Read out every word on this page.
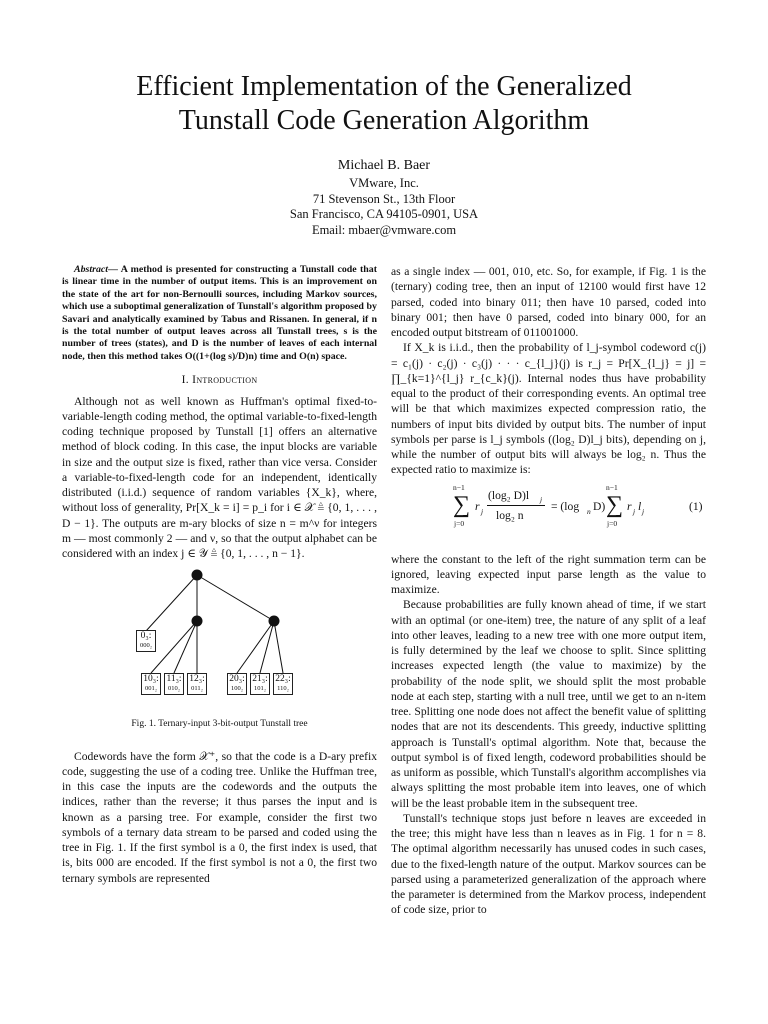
Efficient Implementation of the Generalized
Tunstall Code Generation Algorithm
Michael B. Baer
VMware, Inc.
71 Stevenson St., 13th Floor
San Francisco, CA 94105-0901, USA
Email: mbaer@vmware.com

Abstract— A method is presented for constructing a Tunstall code that is linear time in the number of output items. This is an improvement on the state of the art for non-Bernoulli sources, including Markov sources, which use a suboptimal generalization of Tunstall's algorithm proposed by Savari and analytically examined by Tabus and Rissanen. In general, if n is the total number of output leaves across all Tunstall trees, s is the number of trees (states), and D is the number of leaves of each internal node, then this method takes O((1+(log s)/D)n) time and O(n) space.

I. Introduction

Although not as well known as Huffman's optimal fixed-to-variable-length coding method, the optimal variable-to-fixed-length coding technique proposed by Tunstall [1] offers an alternative method of block coding. In this case, the input blocks are variable in size and the output size is fixed, rather than vice versa. Consider a variable-to-fixed-length code for an independent, identically distributed (i.i.d.) sequence of random variables {X_k}, where, without loss of generality, Pr[X_k = i] = p_i for i ∈ 𝒳 ≜ {0, 1, . . . , D − 1}. The outputs are m-ary blocks of size n = m^ν for integers m — most commonly 2 — and ν, so that the output alphabet can be considered with an index j ∈ 𝒴 ≜ {0, 1, . . . , n − 1}.

0₃:
000₂
10₃:
001₂
11₃:
010₂
12₃:
011₂
20₃:
100₂
21₃:
101₂
22₃:
110₂
Fig. 1. Ternary-input 3-bit-output Tunstall tree

Codewords have the form 𝒳⁺, so that the code is a D-ary prefix code, suggesting the use of a coding tree. Unlike the Huffman tree, in this case the inputs are the codewords and the outputs the indices, rather than the reverse; it thus parses the input and is known as a parsing tree. For example, consider the first two symbols of a ternary data stream to be parsed and coded using the tree in Fig. 1. If the first symbol is a 0, the first index is used, that is, bits 000 are encoded. If the first symbol is not a 0, the first two ternary symbols are represented

as a single index — 001, 010, etc. So, for example, if Fig. 1 is the (ternary) coding tree, then an input of 12100 would first have 12 parsed, coded into binary 011; then have 10 parsed, coded into binary 001; then have 0 parsed, coded into binary 000, for an encoded output bitstream of 011001000.

If X_k is i.i.d., then the probability of l_j-symbol codeword c(j) = c₁(j) · c₂(j) · c₃(j) · · · c_{l_j}(j) is r_j = Pr[X_{l_j} = j] = ∏_{k=1}^{l_j} r_{c_k}(j). Internal nodes thus have probability equal to the product of their corresponding events. An optimal tree will be that which maximizes expected compression ratio, the numbers of input bits divided by output bits. The number of input symbols per parse is l_j symbols ((log₂ D)l_j bits), depending on j, while the number of output bits will always be log₂ n. Thus the expected ratio to maximize is:

n−1
∑
j=0
r j
(log₂ D)l j
log₂ n
= (log n D)
n−1
∑
j=0
r j l j	(1)

where the constant to the left of the right summation term can be ignored, leaving expected input parse length as the value to maximize.

Because probabilities are fully known ahead of time, if we start with an optimal (or one-item) tree, the nature of any split of a leaf into other leaves, leading to a new tree with one more output item, is fully determined by the leaf we choose to split. Since splitting increases expected length (the value to maximize) by the probability of the node split, we should split the most probable node at each step, starting with a null tree, until we get to an n-item tree. Splitting one node does not affect the benefit value of splitting nodes that are not its descendents. This greedy, inductive splitting approach is Tunstall's optimal algorithm. Note that, because the output symbol is of fixed length, codeword probabilities should be as uniform as possible, which Tunstall's algorithm accomplishes via always splitting the most probable item into leaves, one of which will be the least probable item in the subsequent tree.

Tunstall's technique stops just before n leaves are exceeded in the tree; this might have less than n leaves as in Fig. 1 for n = 8. The optimal algorithm necessarily has unused codes in such cases, due to the fixed-length nature of the output. Markov sources can be parsed using a parameterized generalization of the approach where the parameter is determined from the Markov process, independent of code size, prior to
